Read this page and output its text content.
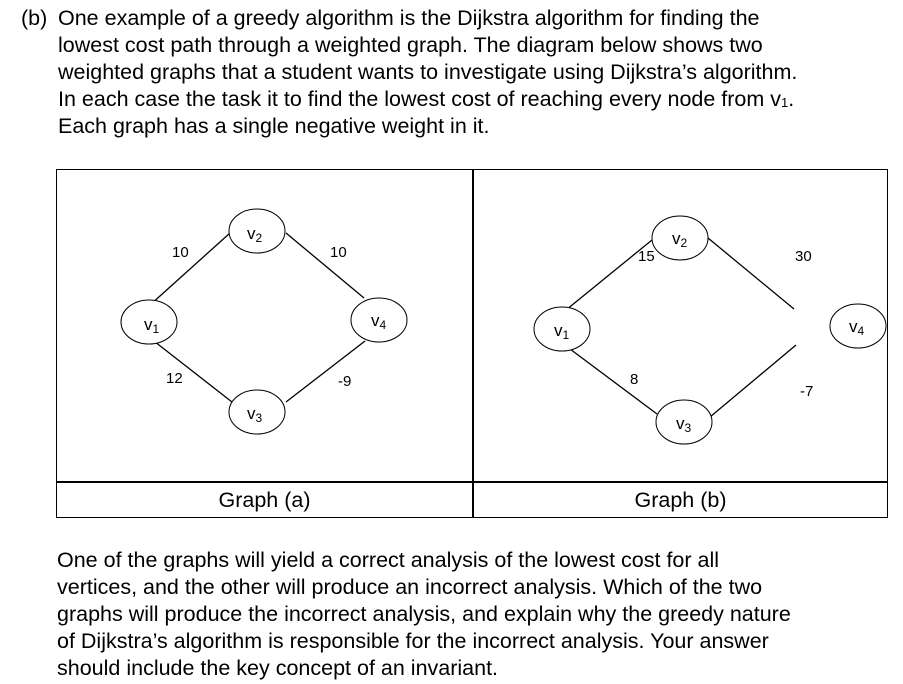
(b) One example of a greedy algorithm is the Dijkstra algorithm for finding the
lowest cost path through a weighted graph. The diagram below shows two
weighted graphs that a student wants to investigate using Dijkstra’s algorithm.
In each case the task it to find the lowest cost of reaching every node from $v_1$.
Each graph has a single negative weight in it.
v1
v2
v3
v4
10	10
12	-9
v1
v2
v3
v4
15	30
8
-7
Graph (a)	Graph (b)
One of the graphs will yield a correct analysis of the lowest cost for all
vertices, and the other will produce an incorrect analysis. Which of the two
graphs will produce the incorrect analysis, and explain why the greedy nature
of Dijkstra’s algorithm is responsible for the incorrect analysis. Your answer
should include the key concept of an invariant.
